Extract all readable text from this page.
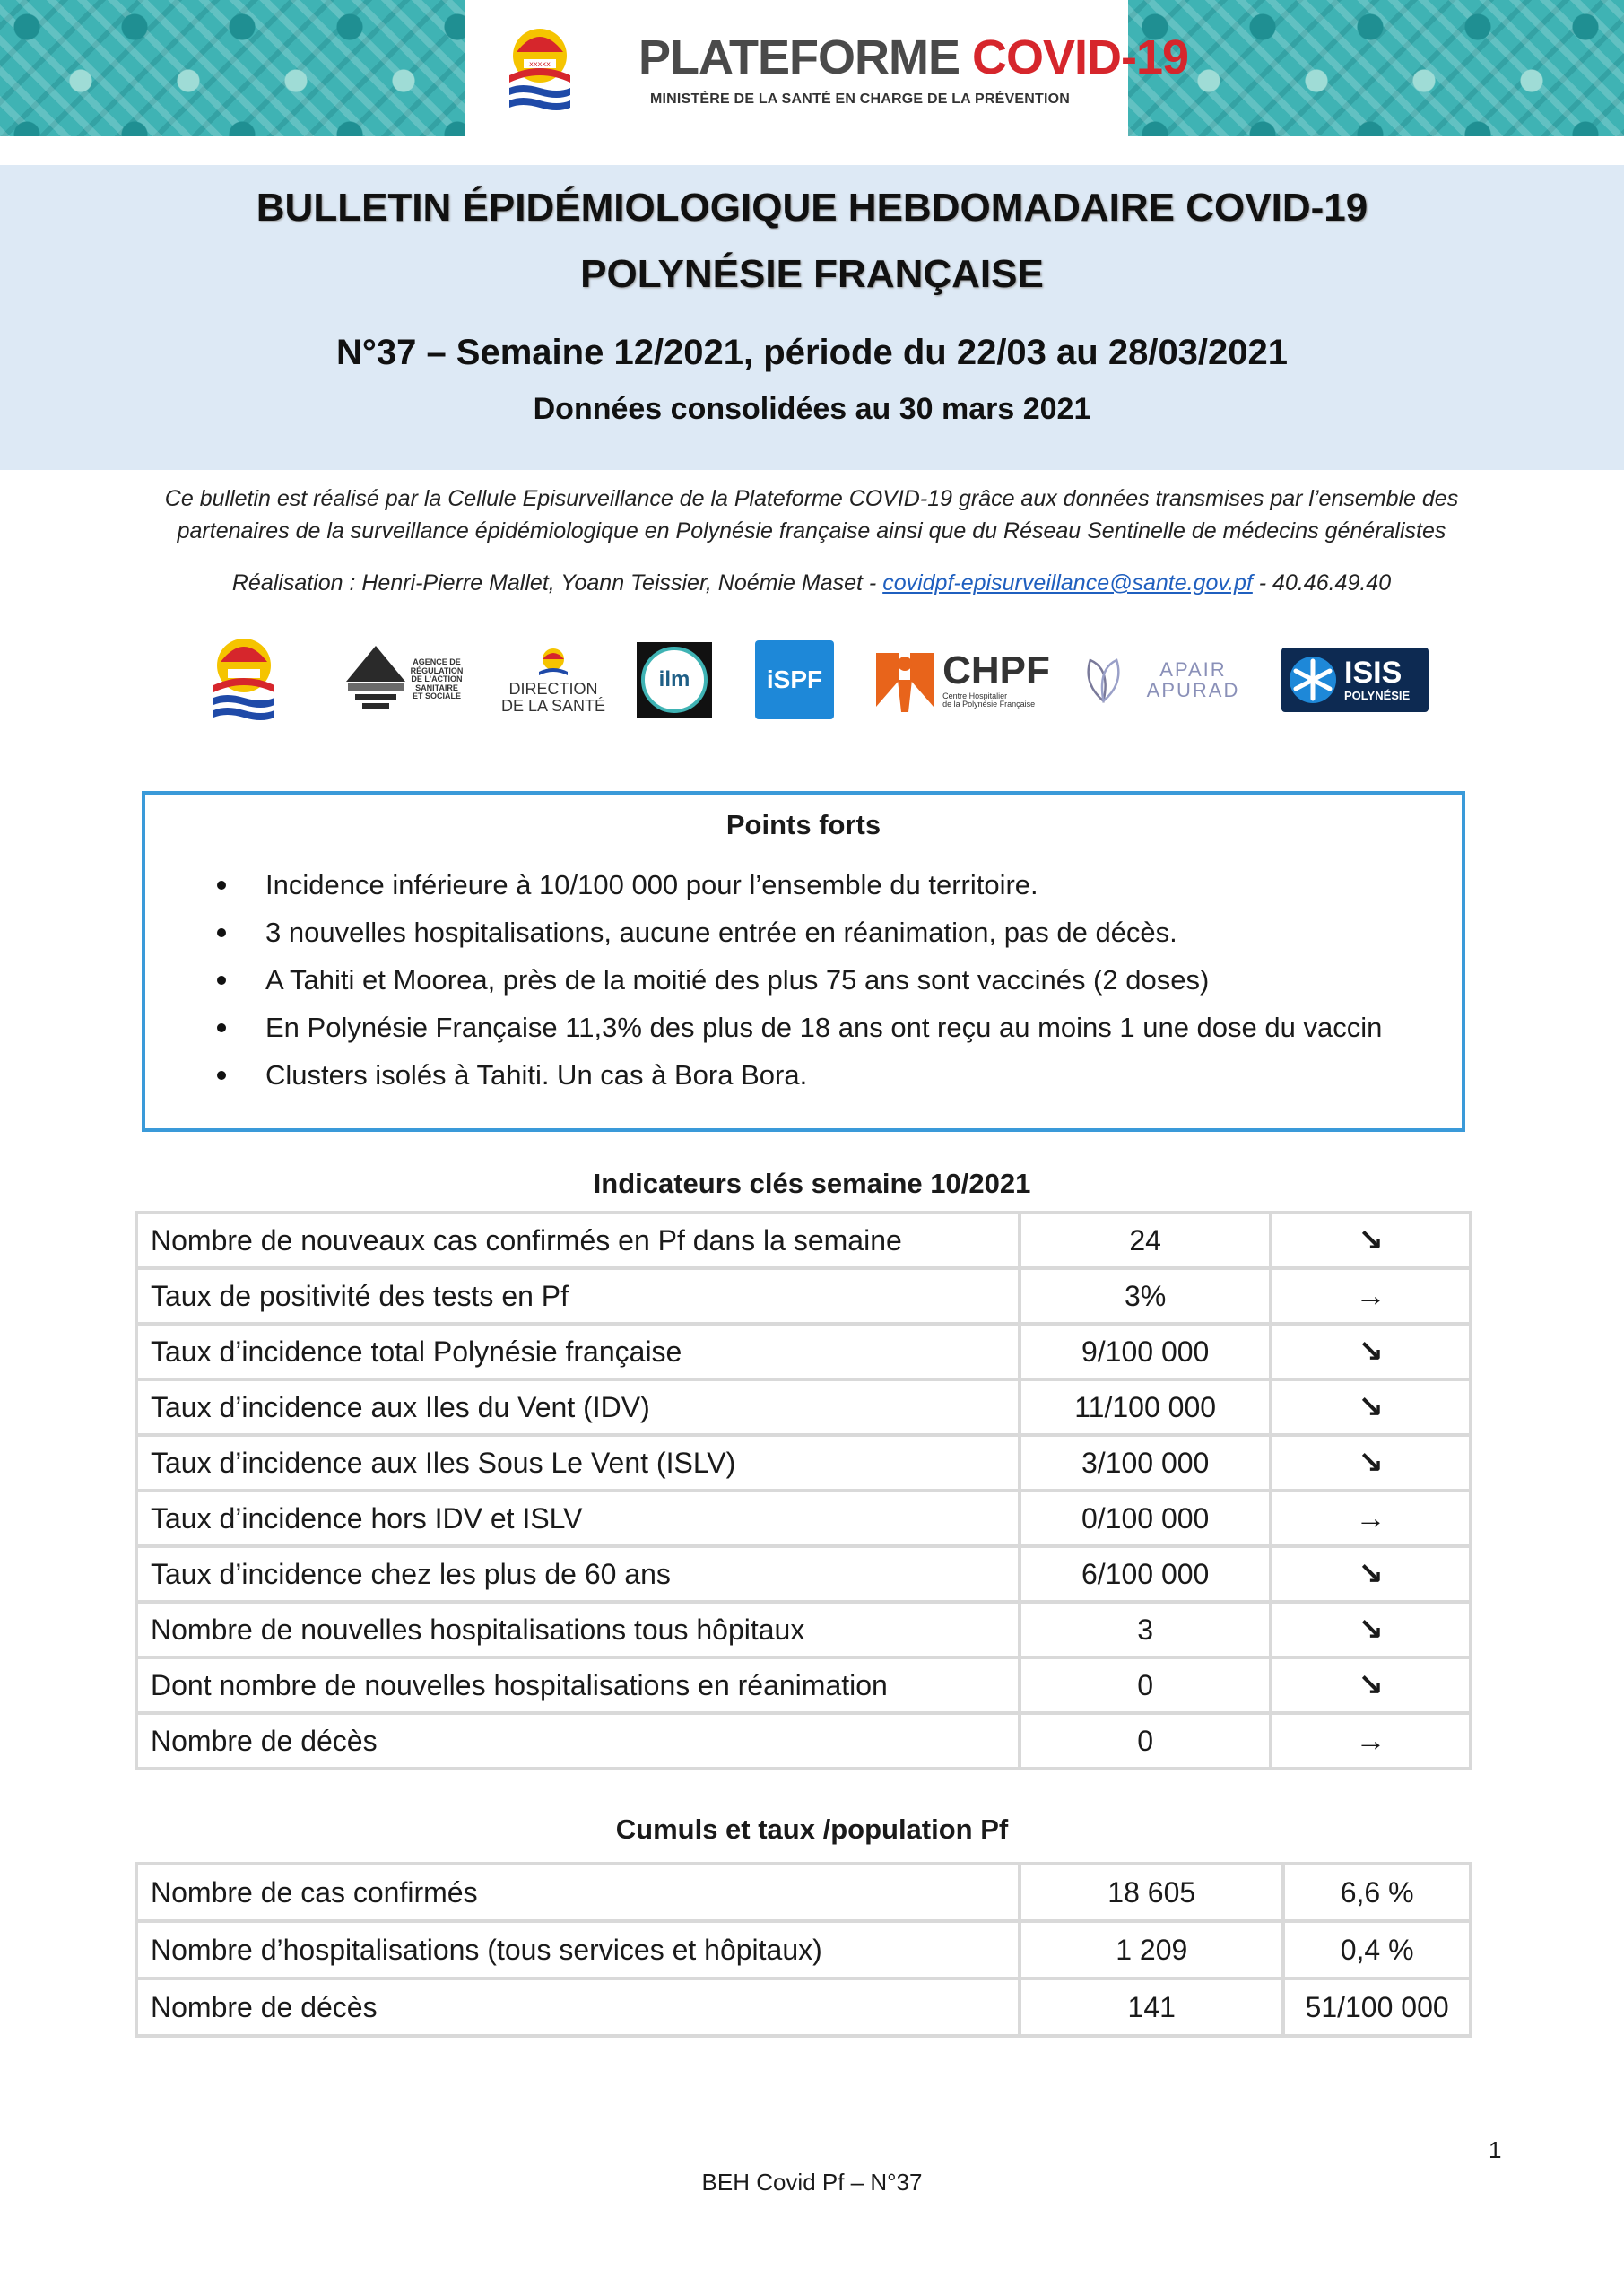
xxxxx PLATEFORME COVID-19
MINISTÈRE DE LA SANTÉ EN CHARGE DE LA PRÉVENTION
BULLETIN ÉPIDÉMIOLOGIQUE HEBDOMADAIRE COVID-19
POLYNÉSIE FRANÇAISE
N°37 – Semaine 12/2021, période du 22/03 au 28/03/2021
Données consolidées au 30 mars 2021
Ce bulletin est réalisé par la Cellule Episurveillance de la Plateforme COVID-19 grâce aux données transmises par l’ensemble des
partenaires de la surveillance épidémiologique en Polynésie française ainsi que du Réseau Sentinelle de médecins généralistes
Réalisation : Henri-Pierre Mallet, Yoann Teissier, Noémie Maset - covidpf-episurveillance@sante.gov.pf - 40.46.49.40
AGENCE DE
RÉGULATION
DE L'ACTION
SANITAIRE
ET SOCIALE	DIRECTION
DE LA SANTÉ
ilm	iSPF	CHPF
Centre Hospitalier
de la Polynésie Française
APAIR APURAD
ISIS
POLYNÉSIE
Points forts
Incidence inférieure à 10/100 000 pour l’ensemble du territoire.
3 nouvelles hospitalisations, aucune entrée en réanimation, pas de décès.
A Tahiti et Moorea, près de la moitié des plus 75 ans sont vaccinés (2 doses)
En Polynésie Française 11,3% des plus de 18 ans ont reçu au moins 1 une dose du vaccin
Clusters isolés à Tahiti. Un cas à Bora Bora.
Indicateurs clés semaine 10/2021
Nombre de nouveaux cas confirmés en Pf dans la semaine	24	↘
Taux de positivité des tests en Pf	3%	→
Taux d’incidence total Polynésie française	9/100 000	↘
Taux d’incidence aux Iles du Vent (IDV)	11/100 000	↘
Taux d’incidence aux Iles Sous Le Vent (ISLV)	3/100 000	↘
Taux d’incidence hors IDV et ISLV	0/100 000	→
Taux d’incidence chez les plus de 60 ans	6/100 000	↘
Nombre de nouvelles hospitalisations tous hôpitaux	3	↘
Dont nombre de nouvelles hospitalisations en réanimation	0	↘
Nombre de décès	0	→
Cumuls et taux /population Pf
Nombre de cas confirmés	18 605	6,6 %
Nombre d’hospitalisations (tous services et hôpitaux)	1 209	0,4 %
Nombre de décès	141	51/100 000
1
BEH Covid Pf – N°37
